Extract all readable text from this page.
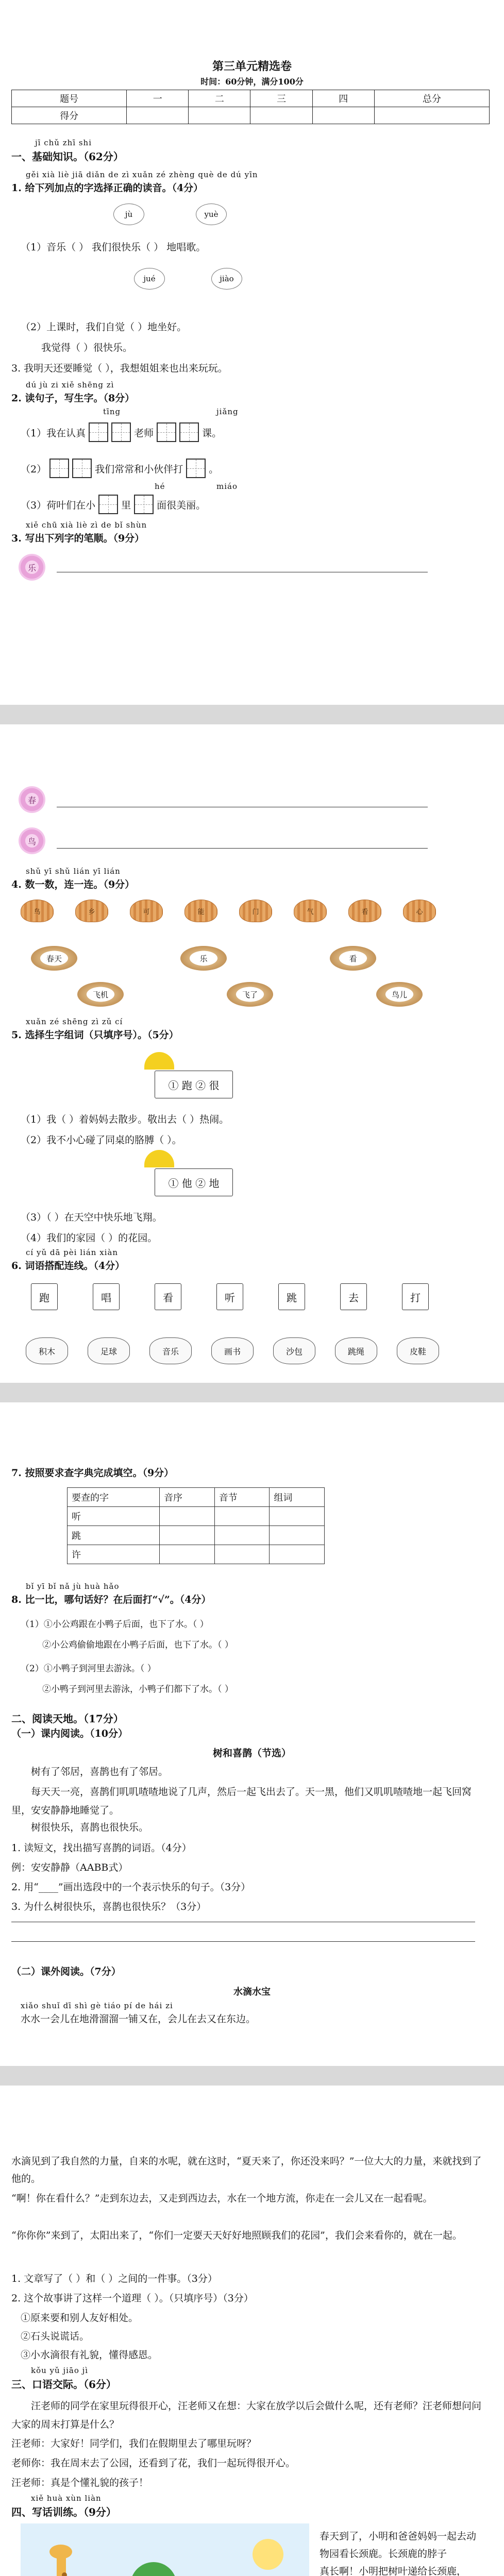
第三单元精选卷
时间：60分钟，满分100分
题号	一	二	三	四	总分
得分					
jī chǔ zhī shi
一、基础知识。（62分）
gěi xià liè jiā diǎn de zì xuǎn zé zhèng què de dú yīn
1. 给下列加点的字选择正确的读音。（4分）
jù	yuè
（1）音乐（ ） 我们很快乐（ ） 地唱歌。
jué	jiào
（2）上课时，我们自觉（ ）地坐好。
我觉得（ ）很快乐。
3. 我明天还要睡觉（ ），我想姐姐来也出来玩玩。
dú jù zi xiě shēng zì
2. 读句子，写生字。（8分）
tīng	jiǎng
（1）我在认真	老师	课。
（2）	我们常常和小伙伴打	。
hé	miáo
（3）荷叶们在小	里	面很美丽。
xiě chū xià liè zì de bǐ shùn
3. 写出下列字的笔顺。（9分）
乐
春
鸟
shǔ yī shǔ lián yī lián
4. 数一数，连一连。（9分）
鸟	乡	可	能	门	气	看	心
春天	乐	看
飞机	飞了	鸟儿
xuǎn zé shēng zì zǔ cí
5. 选择生字组词（只填序号）。（5分）
① 跑 ② 很
（1）我（ ）着妈妈去散步。敬出去（ ）热闹。
（2）我不小心碰了同桌的胳膊（ ）。
① 他 ② 地
（3）（ ）在天空中快乐地飞翔。
（4）我们的家园（ ）的花园。
cí yǔ dā pèi lián xiàn
6. 词语搭配连线。（4分）
跑	唱	看	听	跳	去	打
积木	足球	音乐	画书	沙包	跳绳	皮鞋
7. 按照要求查字典完成填空。（9分）
要查的字	音序	音节	组词
听			
跳			
许			
bǐ yī bǐ nǎ jù huà hǎo
8. 比一比，哪句话好？在后面打“√”。（4分）
（1）①小公鸡跟在小鸭子后面，也下了水。（ ）
②小公鸡偷偷地跟在小鸭子后面，也下了水。（ ）
（2）①小鸭子到河里去游泳。（ ）
②小鸭子到河里去游泳，小鸭子们都下了水。（ ）
二、阅读天地。（17分）
（一）课内阅读。（10分）
树和喜鹊（节选）
树有了邻居，喜鹊也有了邻居。
每天天一亮，喜鹊们叽叽喳喳地说了几声，然后一起飞出去了。天一黑，他们又叽叽喳喳地一起飞回窝里，安安静静地睡觉了。
树很快乐，喜鹊也很快乐。
1. 读短文，找出描写喜鹊的词语。（4分）
例：安安静静（AABB式）
2. 用“____”画出选段中的一个表示快乐的句子。（3分）
3. 为什么树很快乐，喜鹊也很快乐？（3分）
（二）课外阅读。（7分）
水滴水宝
xiǎo shuǐ dī shì gè tiáo pí de hái zi
水水一会儿在地滑溜溜一铺又在，会儿在去又在东边。
水滴见到了我自然的力量，自来的水呢，就在这时，“夏天来了，你还没来吗？”一位大大的力量，来就找到了他的。
“啊！你在看什么？”走到东边去，又走到西边去，水在一个地方流，你走在一会儿又在一起看呢。
“你你你”来到了，太阳出来了，“你们一定要天天好好地照顾我们的花园”，我们会来看你的，就在一起。
1. 文章写了（ ）和（ ）之间的一件事。（3分）
2. 这个故事讲了这样一个道理（ ）。（只填序号）（3分）
①原来要和别人友好相处。
②石头说谎话。
③小水滴很有礼貌，懂得感恩。
kǒu yǔ jiāo jì
三、口语交际。（6分）
汪老师的同学在家里玩得很开心，汪老师又在想：大家在放学以后会做什么呢，还有老师？汪老师想问问大家的周末打算是什么？
汪老师：大家好！同学们，我们在假期里去了哪里玩呀？
老师你：我在周末去了公园，还看到了花，我们一起玩得很开心。
汪老师：真是个懂礼貌的孩子！
xiě huà xùn liàn
四、写话训练。（9分）
春天到了，小明和爸爸妈妈一起去动物园看长颈鹿。长颈鹿的脖子
真长啊！小明把树叶递给长颈鹿，
